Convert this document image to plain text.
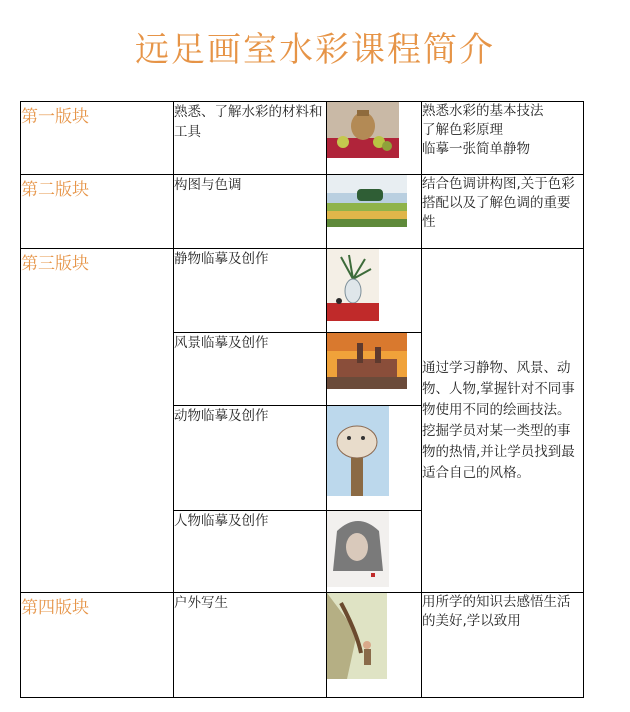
远足画室水彩课程简介
第一版块	熟悉、了解水彩的材料和工具		熟悉水彩的基本技法
了解色彩原理
临摹一张简单静物

第二版块	构图与色调		结合色调讲构图,关于色彩搭配以及了解色调的重要性
第三版块	静物临摹及创作		通过学习静物、风景、动物、人物,掌握针对不同事物使用不同的绘画技法。挖掘学员对某一类型的事物的热情,并让学员找到最适合自己的风格。
	风景临摹及创作	

	动物临摹及创作	

	人物临摹及创作	

第四版块	户外写生		用所学的知识去感悟生活的美好,学以致用
